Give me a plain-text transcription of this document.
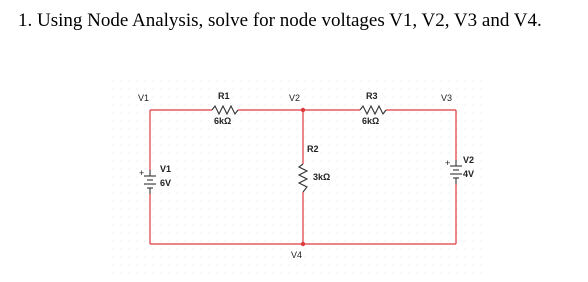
1. Using Node Analysis, solve for node voltages V1, V2, V3 and V4.
+
+
V1	V2	V3
V4
R1
6kΩ
R3
6kΩ
R2
3kΩ
V1
6V
V2
4V
